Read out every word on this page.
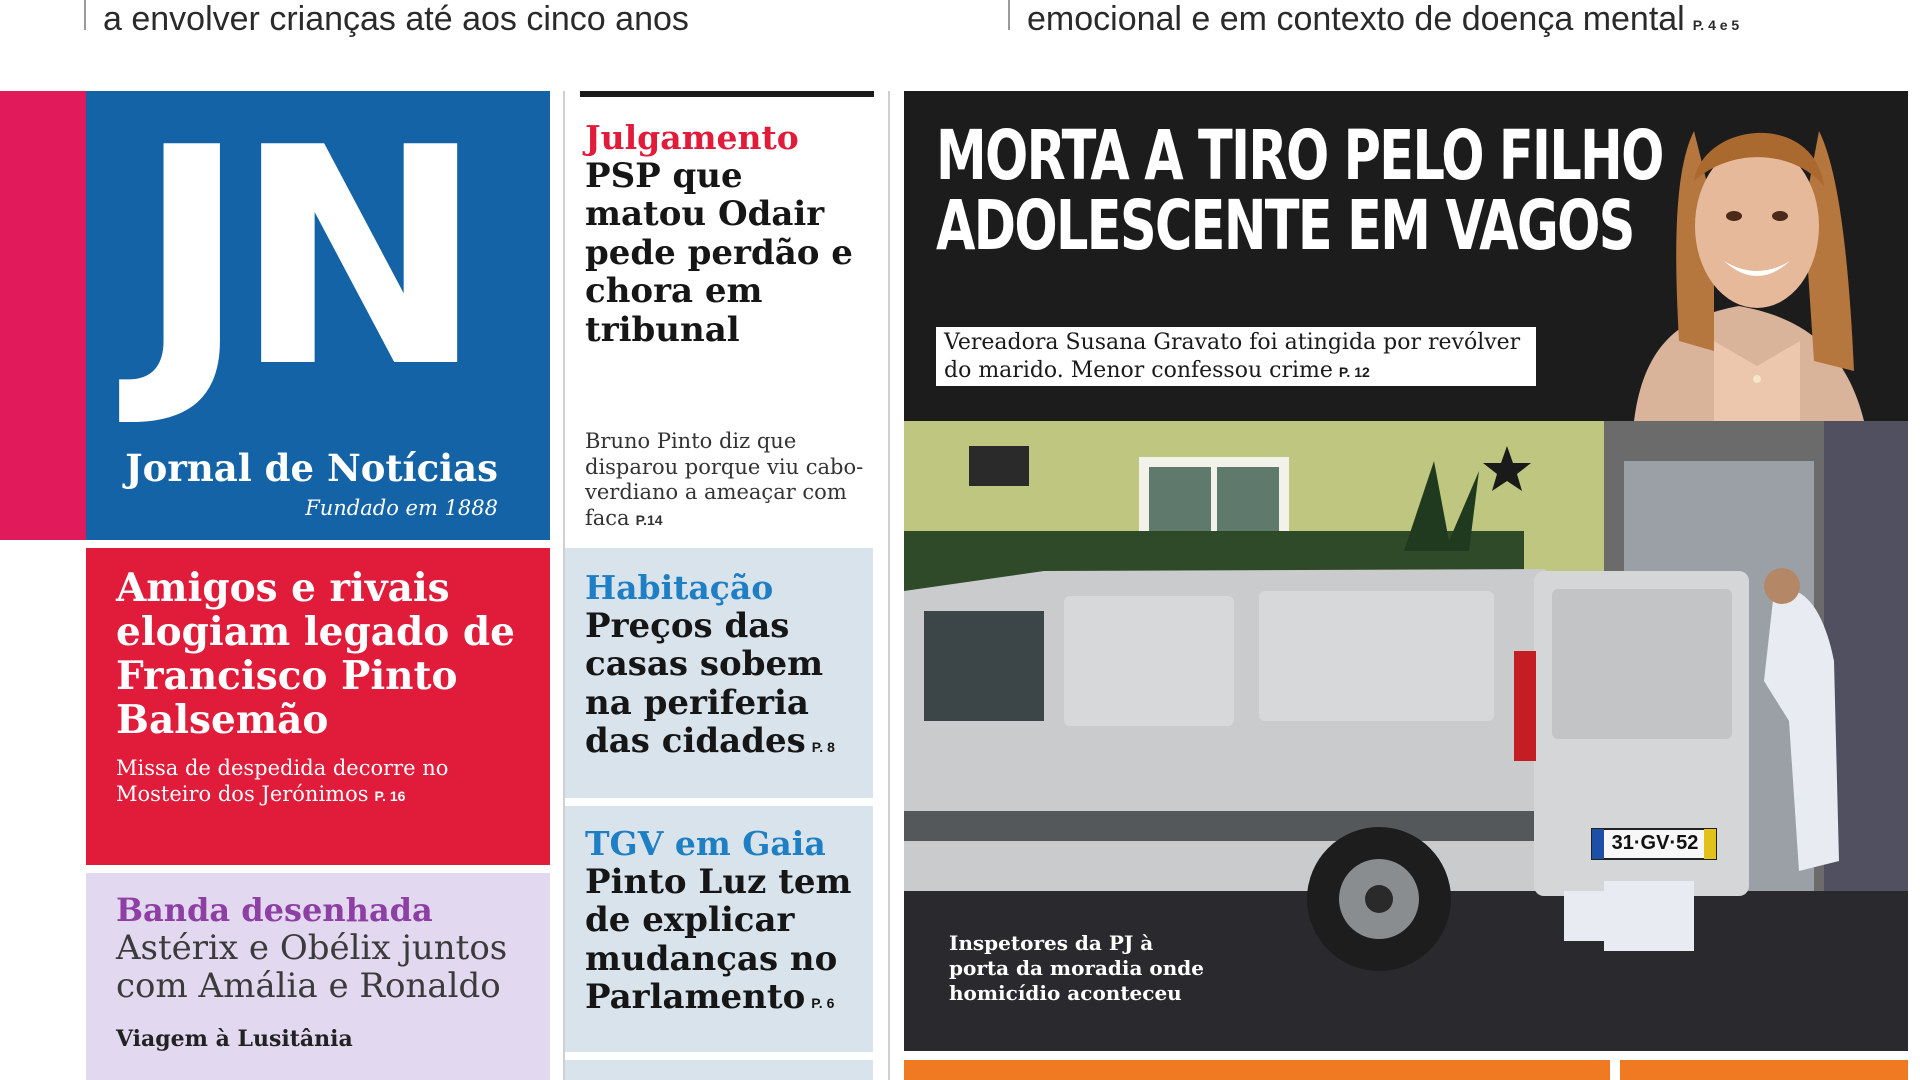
a envolver crianças até aos cinco anos	emocional e em contexto de doença mental P. 4 e 5
JN
Jornal de Notícias
Fundado em 1888
Amigos e rivais elogiam legado de Francisco Pinto Balsemão
Missa de despedida decorre no Mosteiro dos Jerónimos P. 16
Banda desenhada
Astérix e Obélix juntos com Amália e Ronaldo
Viagem à Lusitânia
Julgamento
PSP que matou Odair pede perdão e chora em tribunal
Bruno Pinto diz que disparou porque viu cabo-verdiano a ameaçar com faca P.14
Habitação
Preços das casas sobem na periferia das cidades P. 8
TGV em Gaia
Pinto Luz tem de explicar mudanças no Parlamento P. 6
MORTA A TIRO PELO FILHO
ADOLESCENTE EM VAGOS
Vereadora Susana Gravato foi atingida por revólver do marido. Menor confessou crime P. 12
31·GV·52
Inspetores da PJ à porta da moradia onde homicídio aconteceu
